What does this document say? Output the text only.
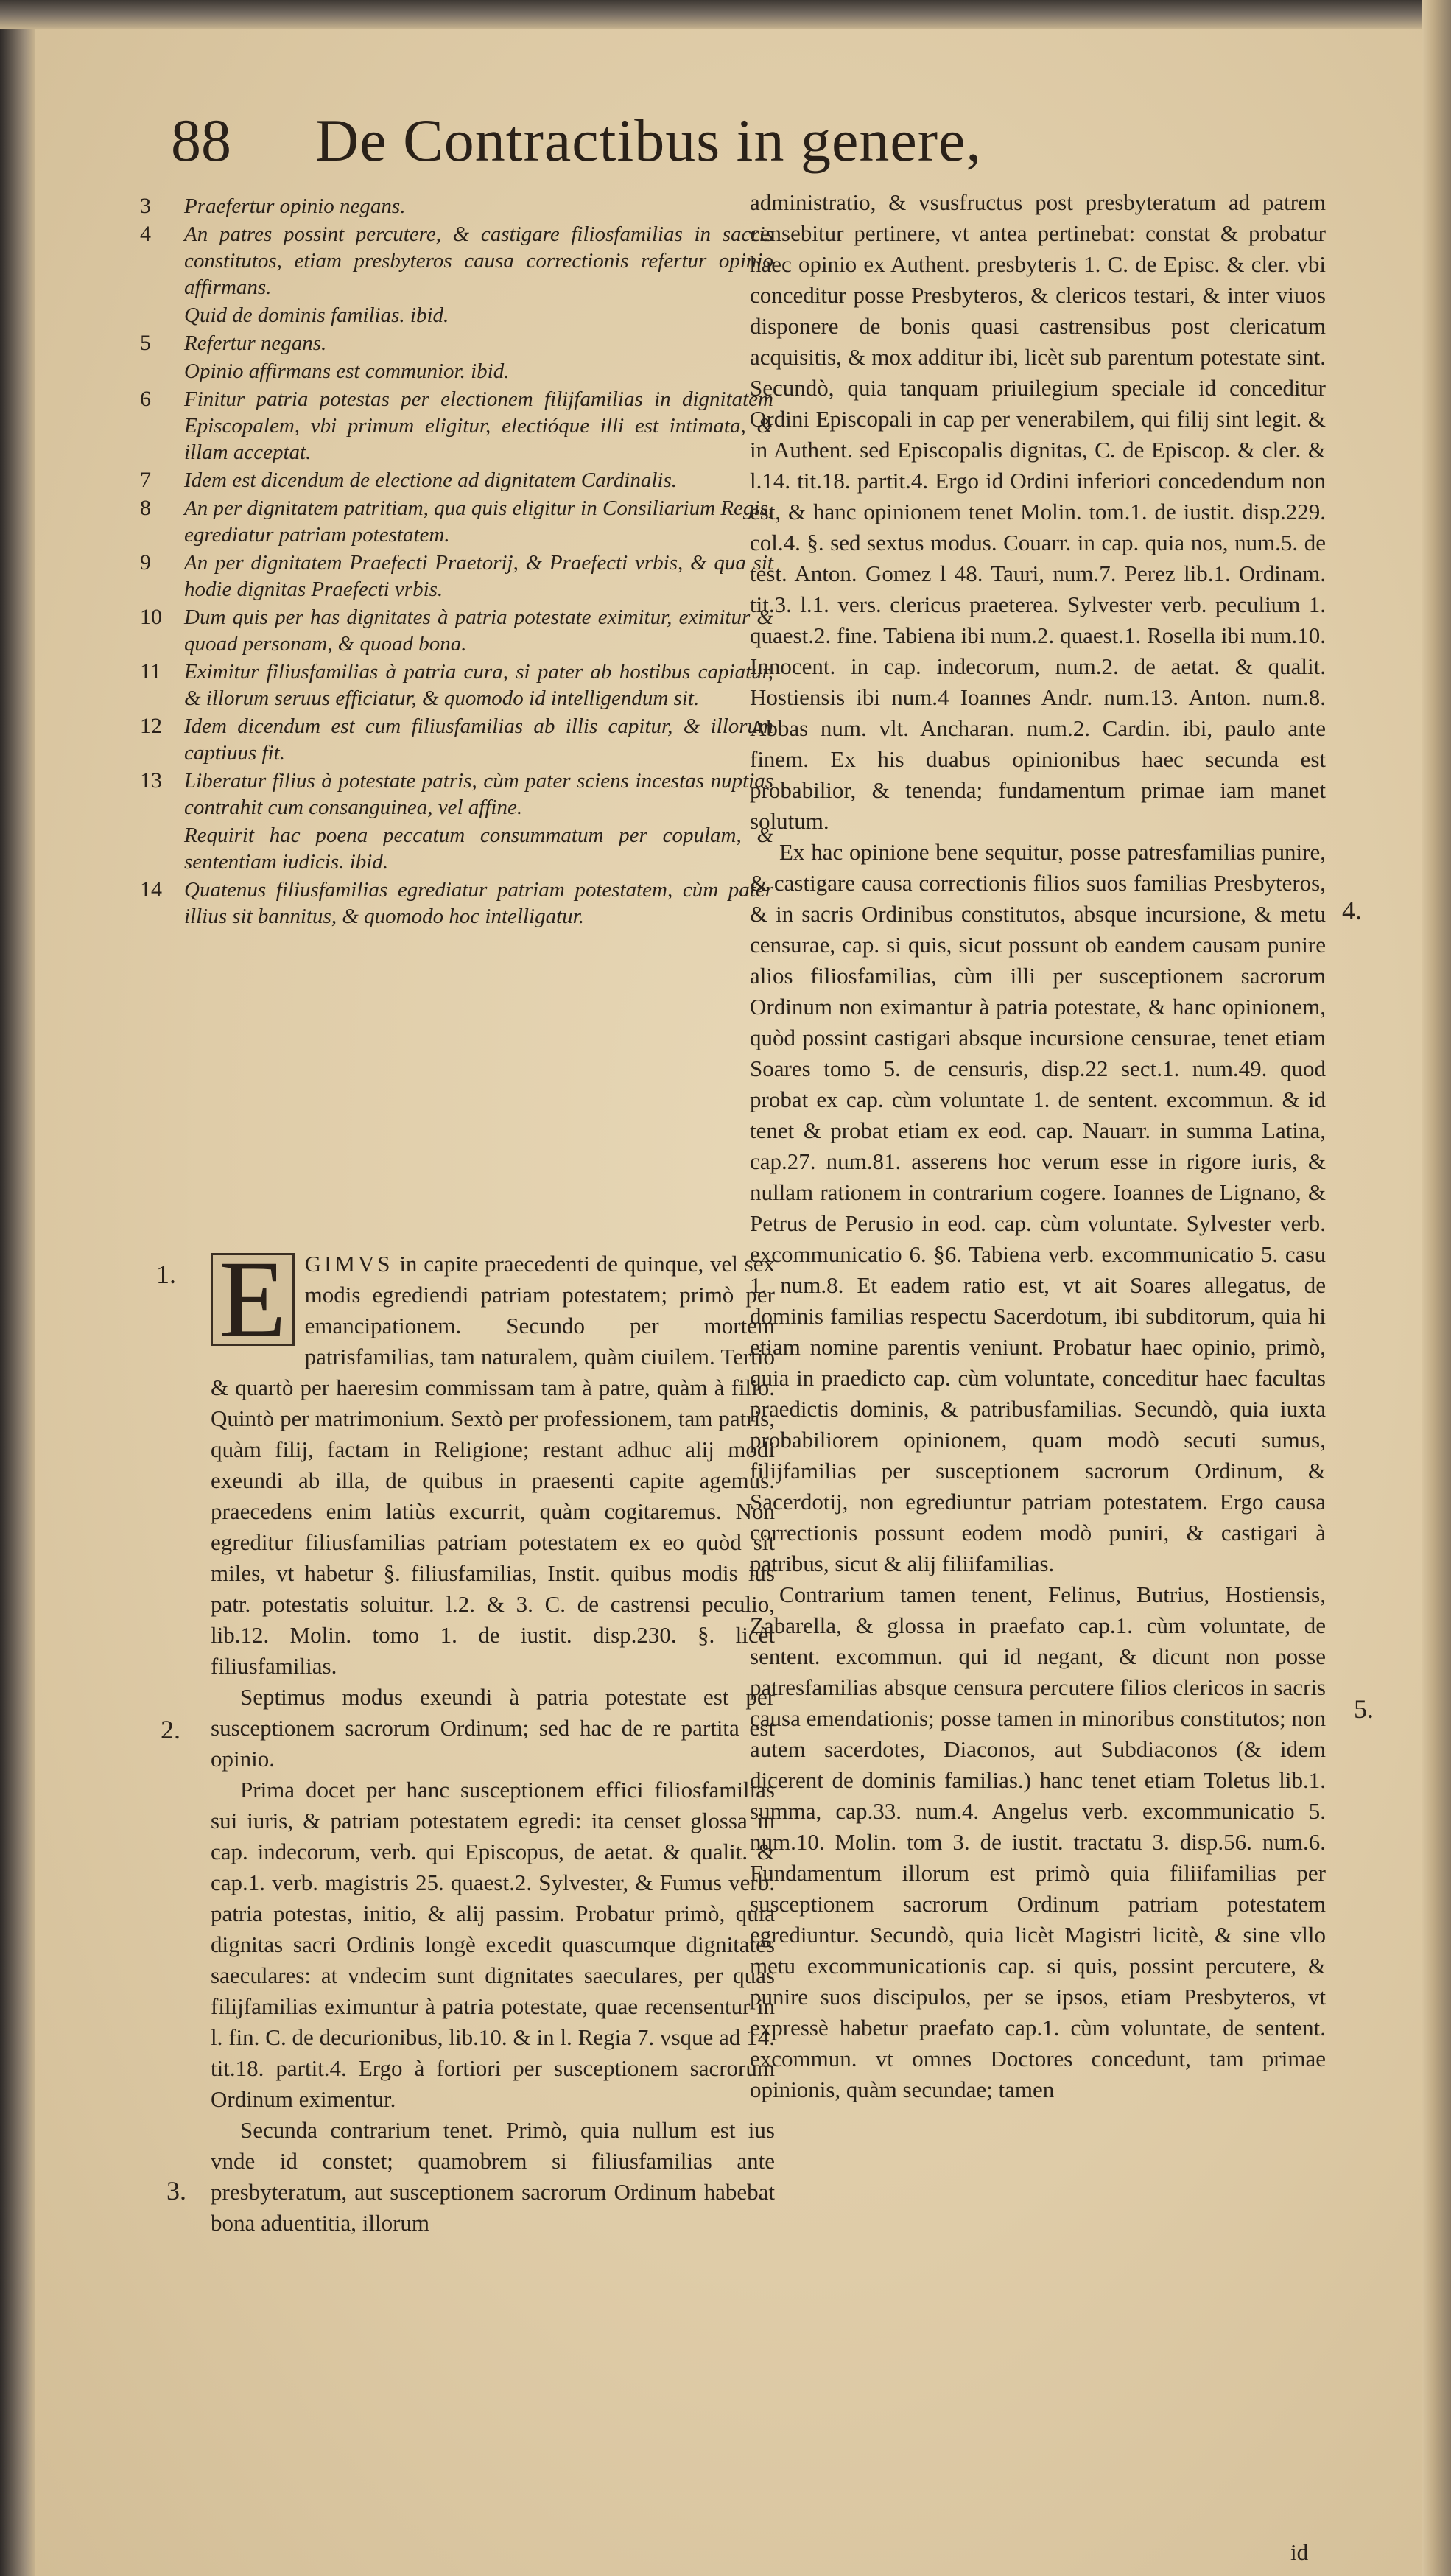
88 De Contractibus in genere,
3	Praefertur opinio negans.

4	An patres possint percutere, & castigare filiosfamilias in sacris constitutos, etiam presbyteros causa correctionis refertur opinio affirmans.

Quid de dominis familias. ibid.

5	Refertur negans.

Opinio affirmans est communior. ibid.

6	Finitur patria potestas per electionem filijfamilias in dignitatem Episcopalem, vbi primum eligitur, electióque illi est intimata, & illam acceptat.

7	Idem est dicendum de electione ad dignitatem Cardinalis.

8	An per dignitatem patritiam, qua quis eligitur in Consiliarium Regis, egrediatur patriam potestatem.

9	An per dignitatem Praefecti Praetorij, & Praefecti vrbis, & qua sit hodie dignitas Praefecti vrbis.

10	Dum quis per has dignitates à patria potestate eximitur, eximitur & quoad personam, & quoad bona.

11	Eximitur filiusfamilias à patria cura, si pater ab hostibus capiatur, & illorum seruus efficiatur, & quomodo id intelligendum sit.

12	Idem dicendum est cum filiusfamilias ab illis capitur, & illorum captiuus fit.

13	Liberatur filius à potestate patris, cùm pater sciens incestas nuptias contrahit cum consanguinea, vel affine.

Requirit hac poena peccatum consummatum per copulam, & sententiam iudicis. ibid.

14	Quatenus filiusfamilias egrediatur patriam potestatem, cùm pater illius sit bannitus, & quomodo hoc intelligatur.

1.
2.
3.
4.
5.

E GIMVS in capite praecedenti de quinque, vel sex modis egrediendi patriam potestatem; primò per emancipationem. Secundo per mortem patrisfamilias, tam naturalem, quàm ciuilem. Tertiò & quartò per haeresim commissam tam à patre, quàm à filio. Quintò per matrimonium. Sextò per professionem, tam patris, quàm filij, factam in Religione; restant adhuc alij modi exeundi ab illa, de quibus in praesenti capite agemus. praecedens enim latiùs excurrit, quàm cogitaremus. Non egreditur filiusfamilias patriam potestatem ex eo quòd sit miles, vt habetur §. filiusfamilias, Instit. quibus modis ius patr. potestatis soluitur. l.2. & 3. C. de castrensi peculio, lib.12. Molin. tomo 1. de iustit. disp.230. §. licèt filiusfamilias.

Septimus modus exeundi à patria potestate est per susceptionem sacrorum Ordinum; sed hac de re partita est opinio.

Prima docet per hanc susceptionem effici filiosfamilias sui iuris, & patriam potestatem egredi: ita censet glossa in cap. indecorum, verb. qui Episcopus, de aetat. & qualit. & cap.1. verb. magistris 25. quaest.2. Sylvester, & Fumus verb. patria potestas, initio, & alij passim. Probatur primò, quia dignitas sacri Ordinis longè excedit quascumque dignitates saeculares: at vndecim sunt dignitates saeculares, per quas filijfamilias eximuntur à patria potestate, quae recensentur in l. fin. C. de decurionibus, lib.10. & in l. Regia 7. vsque ad 14. tit.18. partit.4. Ergo à fortiori per susceptionem sacrorum Ordinum eximentur.

Secunda contrarium tenet. Primò, quia nullum est ius vnde id constet; quamobrem si filiusfamilias ante presbyteratum, aut susceptionem sacrorum Ordinum habebat bona aduentitia, illorum

administratio, & vsusfructus post presbyteratum ad patrem censebitur pertinere, vt antea pertinebat: constat & probatur haec opinio ex Authent. presbyteris 1. C. de Episc. & cler. vbi conceditur posse Presbyteros, & clericos testari, & inter viuos disponere de bonis quasi castrensibus post clericatum acquisitis, & mox additur ibi, licèt sub parentum potestate sint. Secundò, quia tanquam priuilegium speciale id conceditur Ordini Episcopali in cap per venerabilem, qui filij sint legit. & in Authent. sed Episcopalis dignitas, C. de Episcop. & cler. & l.14. tit.18. partit.4. Ergo id Ordini inferiori concedendum non est, & hanc opinionem tenet Molin. tom.1. de iustit. disp.229. col.4. §. sed sextus modus. Couarr. in cap. quia nos, num.5. de test. Anton. Gomez l 48. Tauri, num.7. Perez lib.1. Ordinam. tit.3. l.1. vers. clericus praeterea. Sylvester verb. peculium 1. quaest.2. fine. Tabiena ibi num.2. quaest.1. Rosella ibi num.10. Innocent. in cap. indecorum, num.2. de aetat. & qualit. Hostiensis ibi num.4 Ioannes Andr. num.13. Anton. num.8. Abbas num. vlt. Ancharan. num.2. Cardin. ibi, paulo ante finem. Ex his duabus opinionibus haec secunda est probabilior, & tenenda; fundamentum primae iam manet solutum.

Ex hac opinione bene sequitur, posse patresfamilias punire, & castigare causa correctionis filios suos familias Presbyteros, & in sacris Ordinibus constitutos, absque incursione, & metu censurae, cap. si quis, sicut possunt ob eandem causam punire alios filiosfamilias, cùm illi per susceptionem sacrorum Ordinum non eximantur à patria potestate, & hanc opinionem, quòd possint castigari absque incursione censurae, tenet etiam Soares tomo 5. de censuris, disp.22 sect.1. num.49. quod probat ex cap. cùm voluntate 1. de sentent. excommun. & id tenet & probat etiam ex eod. cap. Nauarr. in summa Latina, cap.27. num.81. asserens hoc verum esse in rigore iuris, & nullam rationem in contrarium cogere. Ioannes de Lignano, & Petrus de Perusio in eod. cap. cùm voluntate. Sylvester verb. excommunicatio 6. §6. Tabiena verb. excommunicatio 5. casu 1. num.8. Et eadem ratio est, vt ait Soares allegatus, de dominis familias respectu Sacerdotum, ibi subditorum, quia hi etiam nomine parentis veniunt. Probatur haec opinio, primò, quia in praedicto cap. cùm voluntate, conceditur haec facultas praedictis dominis, & patribusfamilias. Secundò, quia iuxta probabiliorem opinionem, quam modò secuti sumus, filijfamilias per susceptionem sacrorum Ordinum, & Sacerdotij, non egrediuntur patriam potestatem. Ergo causa correctionis possunt eodem modò puniri, & castigari à patribus, sicut & alij filiifamilias.

Contrarium tamen tenent, Felinus, Butrius, Hostiensis, Zabarella, & glossa in praefato cap.1. cùm voluntate, de sentent. excommun. qui id negant, & dicunt non posse patresfamilias absque censura percutere filios clericos in sacris causa emendationis; posse tamen in minoribus constitutos; non autem sacerdotes, Diaconos, aut Subdiaconos (& idem dicerent de dominis familias.) hanc tenet etiam Toletus lib.1. summa, cap.33. num.4. Angelus verb. excommunicatio 5. num.10. Molin. tom 3. de iustit. tractatu 3. disp.56. num.6. Fundamentum illorum est primò quia filiifamilias per susceptionem sacrorum Ordinum patriam potestatem egrediuntur. Secundò, quia licèt Magistri licitè, & sine vllo metu excommunicationis cap. si quis, possint percutere, & punire suos discipulos, per se ipsos, etiam Presbyteros, vt expressè habetur praefato cap.1. cùm voluntate, de sentent. excommun. vt omnes Doctores concedunt, tam primae opinionis, quàm secundae; tamen

id
